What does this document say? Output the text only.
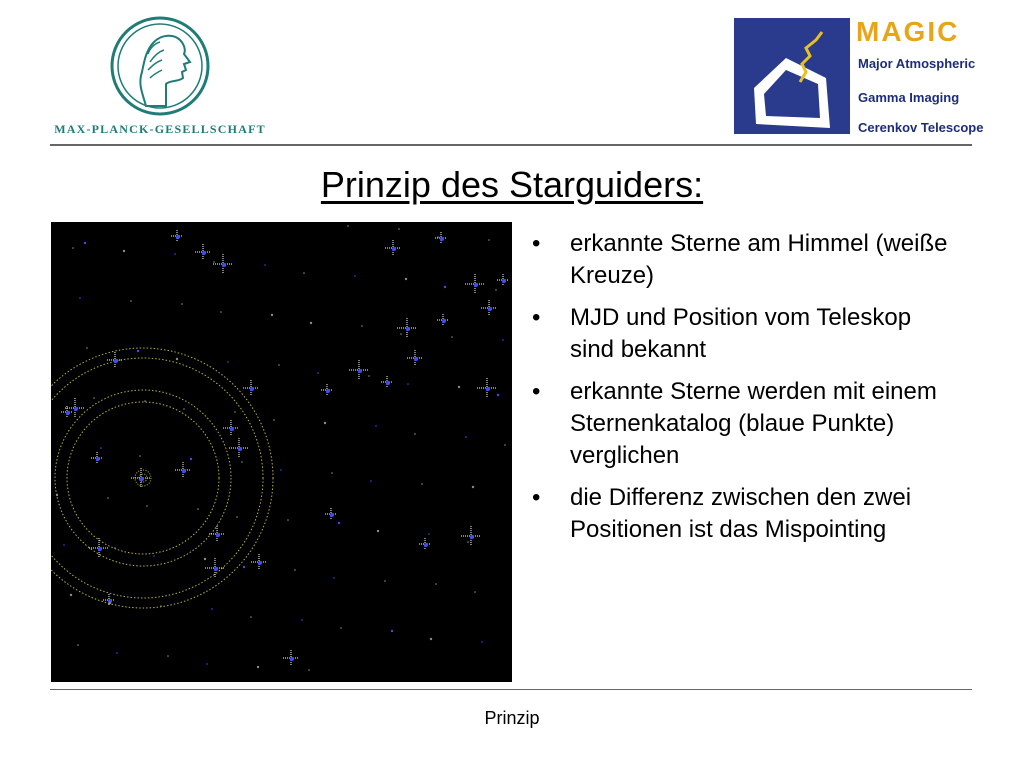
MAX-PLANCK-GESELLSCHAFT
MAGIC
Major Atmospheric
Gamma Imaging
Cerenkov Telescope
Prinzip des Starguiders:
• erkannte Sterne am Himmel (weiße Kreuze)
• MJD und Position vom Teleskop sind bekannt
• erkannte Sterne werden mit einem Sternenkatalog (blaue Punkte) verglichen
• die Differenz zwischen den zwei Positionen ist das Mispointing
Prinzip
